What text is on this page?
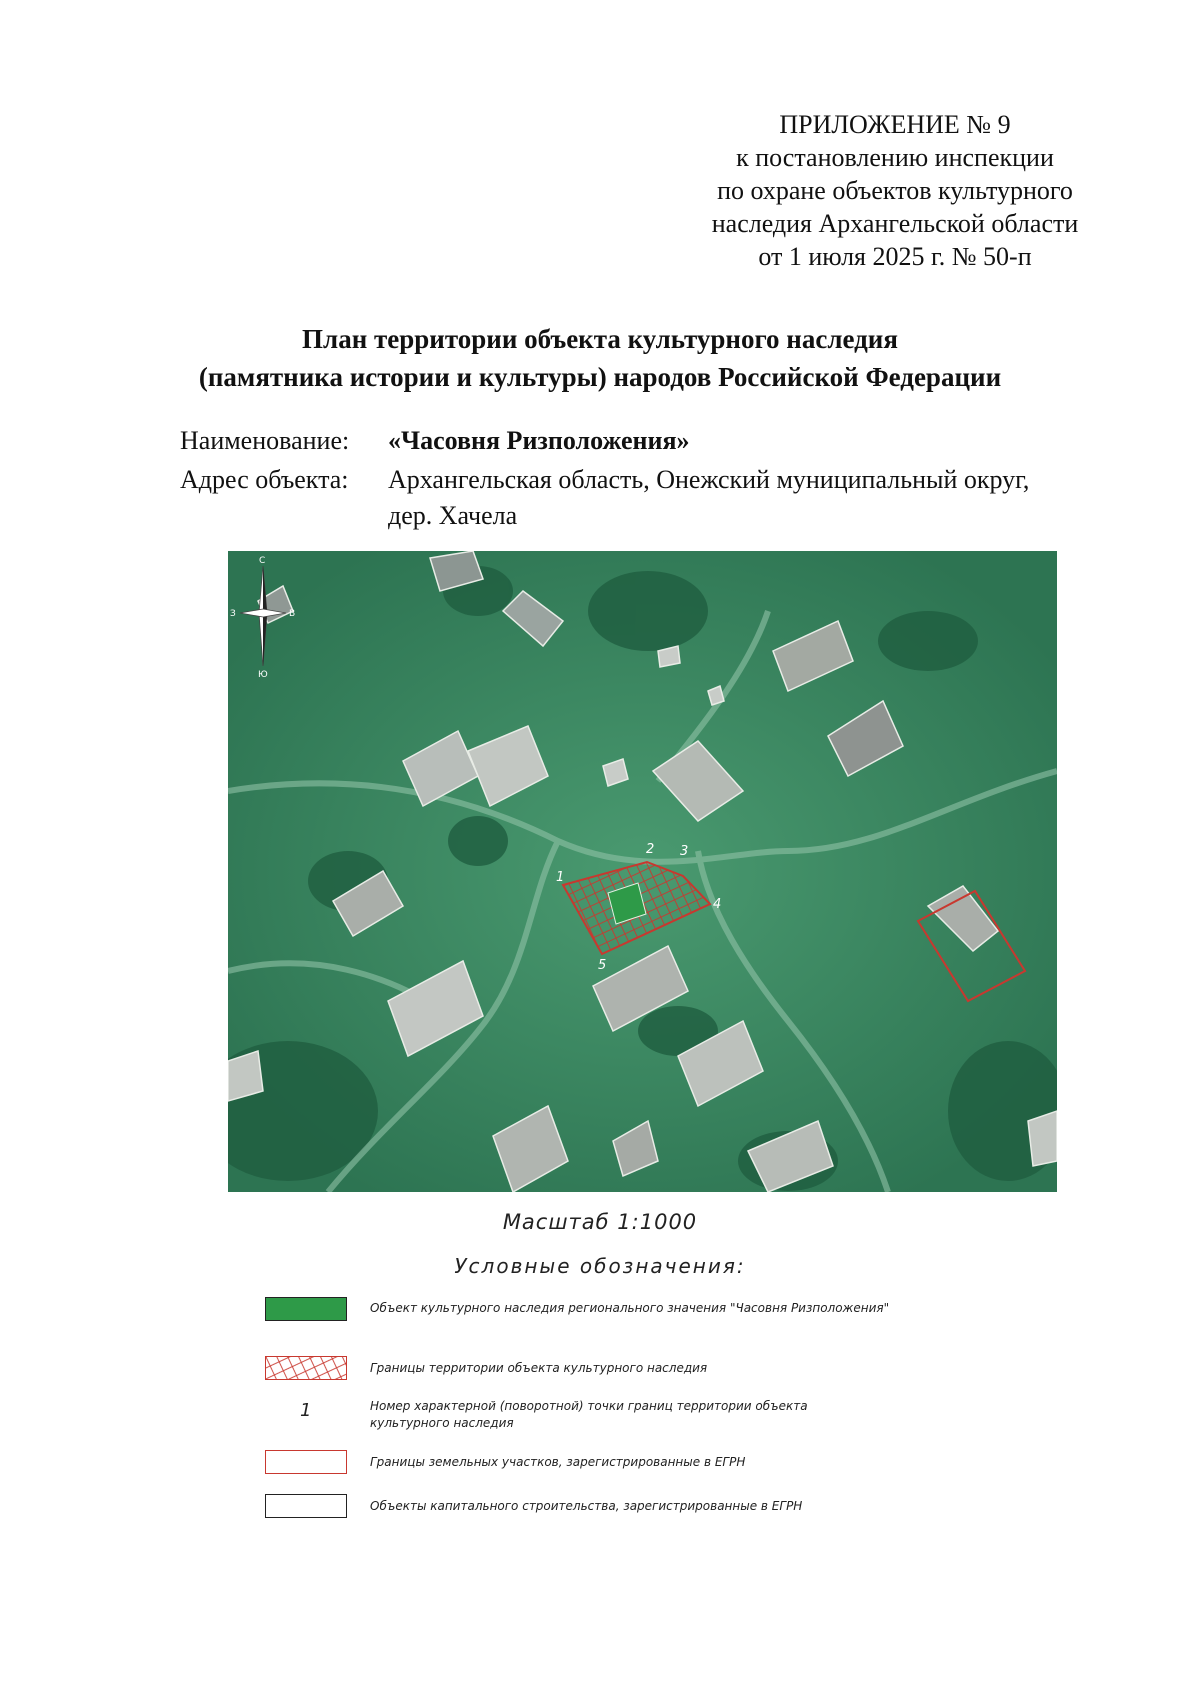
ПРИЛОЖЕНИЕ № 9
к постановлению инспекции
по охране объектов культурного
наследия Архангельской области
от 1 июля 2025 г. № 50-п
План территории объекта культурного наследия
(памятника истории и культуры) народов Российской Федерации
Наименование: «Часовня Ризположения»
Адрес объекта: Архангельская область, Онежский муниципальный округ,
дер. Хачела
1
2 3
4
5
С
Ю
З	В
Масштаб 1:1000
Условные обозначения:
Объект культурного наследия регионального значения "Часовня Ризположения"
Границы территории объекта культурного наследия
1	Номер характерной (поворотной) точки границ территории объекта культурного наследия
Границы земельных участков, зарегистрированные в ЕГРН
Объекты капитального строительства, зарегистрированные в ЕГРН
